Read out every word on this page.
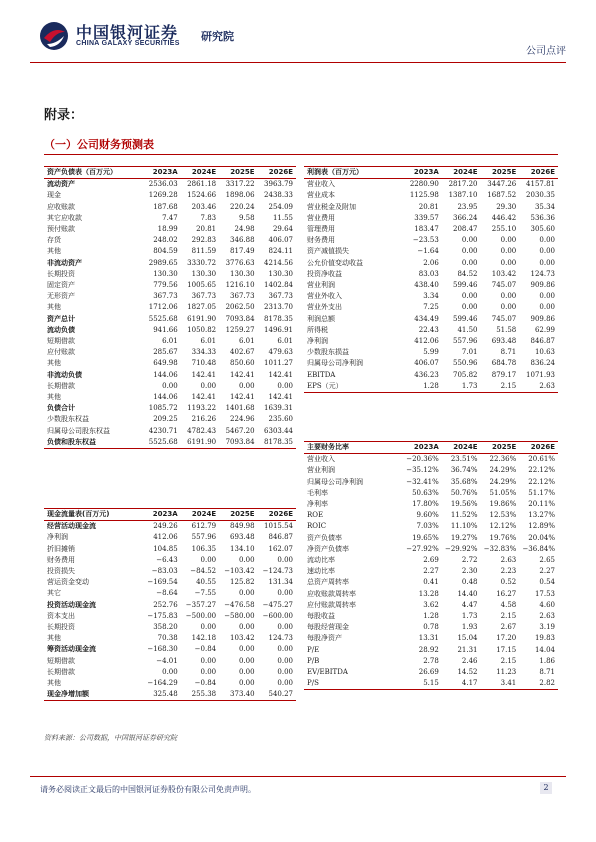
中国银河证券
CHINA GALAXY SECURITIES
研究院
公司点评
附录：
（一）公司财务预测表
资产负债表（百万元）	2023A	2024E	2025E	2026E
流动资产	2536.03	2861.18	3317.22	3963.79
现金	1269.28	1524.66	1898.06	2438.33
应收账款	187.68	203.46	220.24	254.09
其它应收款	7.47	7.83	9.58	11.55
预付账款	18.99	20.81	24.98	29.64
存货	248.02	292.83	346.88	406.07
其他	804.59	811.59	817.49	824.11
非流动资产	2989.65	3330.72	3776.63	4214.56
长期投资	130.30	130.30	130.30	130.30
固定资产	779.56	1005.65	1216.10	1402.84
无形资产	367.73	367.73	367.73	367.73
其他	1712.06	1827.05	2062.50	2313.70
资产总计	5525.68	6191.90	7093.84	8178.35
流动负债	941.66	1050.82	1259.27	1496.91
短期借款	6.01	6.01	6.01	6.01
应付账款	285.67	334.33	402.67	479.63
其他	649.98	710.48	850.60	1011.27
非流动负债	144.06	142.41	142.41	142.41
长期借款	0.00	0.00	0.00	0.00
其他	144.06	142.41	142.41	142.41
负债合计	1085.72	1193.22	1401.68	1639.31
少数股东权益	209.25	216.26	224.96	235.60
归属母公司股东权益	4230.71	4782.43	5467.20	6303.44
负债和股东权益	5525.68	6191.90	7093.84	8178.35
现金流量表(百万元)	2023A	2024E	2025E	2026E
经营活动现金流	249.26	612.79	849.98	1015.54
净利润	412.06	557.96	693.48	846.87
折旧摊销	104.85	106.35	134.10	162.07
财务费用	−6.43	0.00	0.00	0.00
投资损失	−83.03	−84.52	−103.42	−124.73
营运资金变动	−169.54	40.55	125.82	131.34
其它	−8.64	−7.55	0.00	0.00
投资活动现金流	252.76	−357.27	−476.58	−475.27
资本支出	−175.83	−500.00	−580.00	−600.00
长期投资	358.20	0.00	0.00	0.00
其他	70.38	142.18	103.42	124.73
筹资活动现金流	−168.30	−0.84	0.00	0.00
短期借款	−4.01	0.00	0.00	0.00
长期借款	0.00	0.00	0.00	0.00
其他	−164.29	−0.84	0.00	0.00
现金净增加额	325.48	255.38	373.40	540.27
利润表（百万元）	2023A	2024E	2025E	2026E
营业收入	2280.90	2817.20	3447.26	4157.81
营业成本	1125.98	1387.10	1687.52	2030.35
营业税金及附加	20.81	23.95	29.30	35.34
营业费用	339.57	366.24	446.42	536.36
管理费用	183.47	208.47	255.10	305.60
财务费用	−23.53	0.00	0.00	0.00
资产减值损失	−1.64	0.00	0.00	0.00
公允价值变动收益	2.06	0.00	0.00	0.00
投资净收益	83.03	84.52	103.42	124.73
营业利润	438.40	599.46	745.07	909.86
营业外收入	3.34	0.00	0.00	0.00
营业外支出	7.25	0.00	0.00	0.00
利润总额	434.49	599.46	745.07	909.86
所得税	22.43	41.50	51.58	62.99
净利润	412.06	557.96	693.48	846.87
少数股东损益	5.99	7.01	8.71	10.63
归属母公司净利润	406.07	550.96	684.78	836.24
EBITDA	436.23	705.82	879.17	1071.93
EPS（元）	1.28	1.73	2.15	2.63
主要财务比率	2023A	2024E	2025E	2026E
营业收入	−20.36%	23.51%	22.36%	20.61%
营业利润	−35.12%	36.74%	24.29%	22.12%
归属母公司净利润	−32.41%	35.68%	24.29%	22.12%
毛利率	50.63%	50.76%	51.05%	51.17%
净利率	17.80%	19.56%	19.86%	20.11%
ROE	9.60%	11.52%	12.53%	13.27%
ROIC	7.03%	11.10%	12.12%	12.89%
资产负债率	19.65%	19.27%	19.76%	20.04%
净资产负债率	−27.92%	−29.92%	−32.83%	−36.84%
流动比率	2.69	2.72	2.63	2.65
速动比率	2.27	2.30	2.23	2.27
总资产周转率	0.41	0.48	0.52	0.54
应收账款周转率	13.28	14.40	16.27	17.53
应付账款周转率	3.62	4.47	4.58	4.60
每股收益	1.28	1.73	2.15	2.63
每股经营现金	0.78	1.93	2.67	3.19
每股净资产	13.31	15.04	17.20	19.83
P/E	28.92	21.31	17.15	14.04
P/B	2.78	2.46	2.15	1.86
EV/EBITDA	26.69	14.52	11.23	8.71
P/S	5.15	4.17	3.41	2.82
资料来源：公司数据，中国银河证券研究院
请务必阅读正文最后的中国银河证券股份有限公司免责声明。	2
